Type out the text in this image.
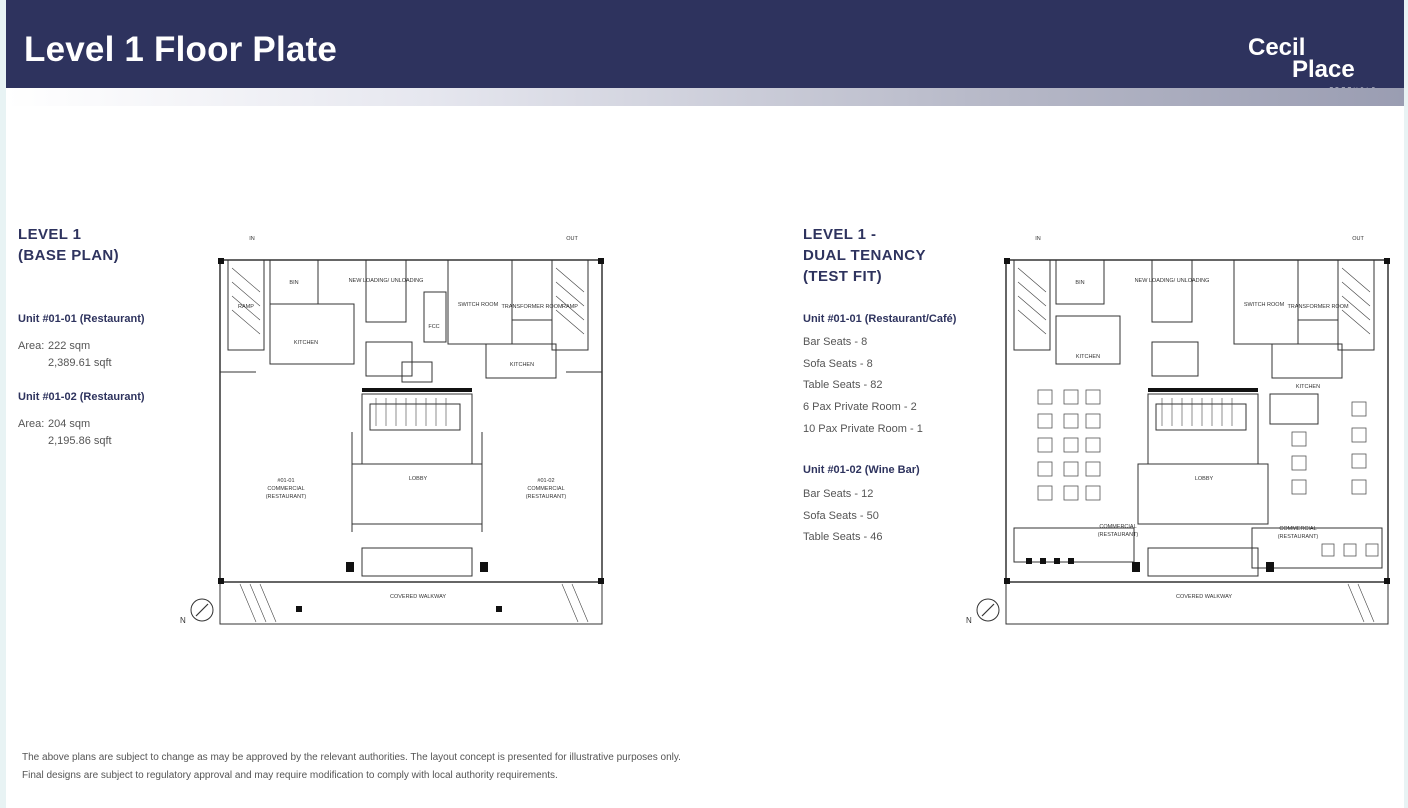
Level 1 Floor Plate	Cecil
Place
LEVEL 1
(BASE PLAN)
Unit #01-01 (Restaurant)
Area: 222 sqm
2,389.61 sqft
Unit #01-02 (Restaurant)
Area: 204 sqm
2,195.86 sqft
LEVEL 1 -
DUAL TENANCY
(TEST FIT)
Unit #01-01 (Restaurant/Café)
Bar Seats - 8
Sofa Seats - 8
Table Seats - 82
6 Pax Private Room - 2
10 Pax Private Room - 1
Unit #01-02 (Wine Bar)
Bar Seats - 12
Sofa Seats - 50
Table Seats - 46
IN	OUT
RAMP	RAMP
BIN	NEW LOADING/ UNLOADING
SWITCH ROOM TRANSFORMER ROOM
FCC
KITCHEN
KITCHEN
LOBBY
#01-01
COMMERCIAL
(RESTAURANT)
#01-02
COMMERCIAL
(RESTAURANT)
COVERED WALKWAY
N
IN	OUT
BIN	NEW LOADING/ UNLOADING
SWITCH ROOM TRANSFORMER ROOM
KITCHEN
KITCHEN
LOBBY
COMMERCIAL
(RESTAURANT)
COMMERCIAL
(RESTAURANT)
COVERED WALKWAY
N
The above plans are subject to change as may be approved by the relevant authorities. The layout concept is presented for illustrative purposes only.
Final designs are subject to regulatory approval and may require modification to comply with local authority requirements.
